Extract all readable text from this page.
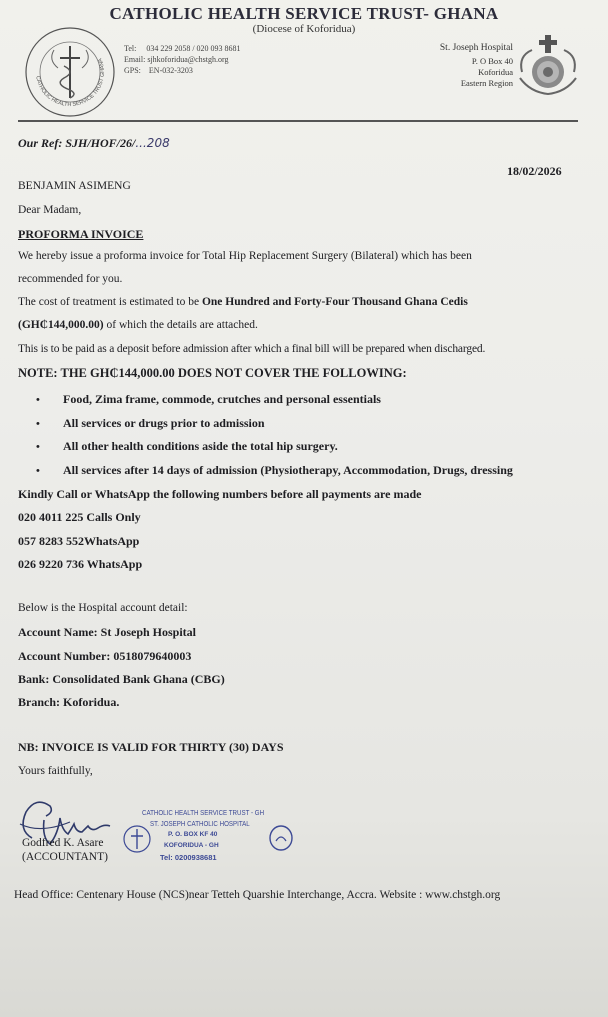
CATHOLIC HEALTH SERVICE TRUST- GHANA
(Diocese of Koforidua)
CATHOLIC HEALTH SERVICE TRUST GHANA
Tel: 034 229 2058 / 020 093 8681
Email: sjhkoforidua@chstgh.org
GPS: EN-032-3203
St. Joseph Hospital
P. O Box 40
Koforidua
Eastern Region
Our Ref: SJH/HOF/26/...208
18/02/2026
BENJAMIN ASIMENG
Dear Madam,
PROFORMA INVOICE
We hereby issue a proforma invoice for Total Hip Replacement Surgery (Bilateral) which has been
recommended for you.
The cost of treatment is estimated to be One Hundred and Forty-Four Thousand Ghana Cedis
(GH₵144,000.00) of which the details are attached.
This is to be paid as a deposit before admission after which a final bill will be prepared when discharged.
NOTE: THE GH₵144,000.00 DOES NOT COVER THE FOLLOWING:
• Food, Zima frame, commode, crutches and personal essentials
• All services or drugs prior to admission
• All other health conditions aside the total hip surgery.
• All services after 14 days of admission (Physiotherapy, Accommodation, Drugs, dressing
Kindly Call or WhatsApp the following numbers before all payments are made
020 4011 225 Calls Only
057 8283 552WhatsApp
026 9220 736 WhatsApp
Below is the Hospital account detail:
Account Name: St Joseph Hospital
Account Number: 0518079640003
Bank: Consolidated Bank Ghana (CBG)
Branch: Koforidua.
NB: INVOICE IS VALID FOR THIRTY (30) DAYS
Yours faithfully,
Godfred K. Asare
(ACCOUNTANT)
CATHOLIC HEALTH SERVICE TRUST - GH
ST. JOSEPH CATHOLIC HOSPITAL
P. O. BOX KF 40
KOFORIDUA - GH
Tel: 0200938681
Head Office: Centenary House (NCS)near Tetteh Quarshie Interchange, Accra. Website : www.chstgh.org
